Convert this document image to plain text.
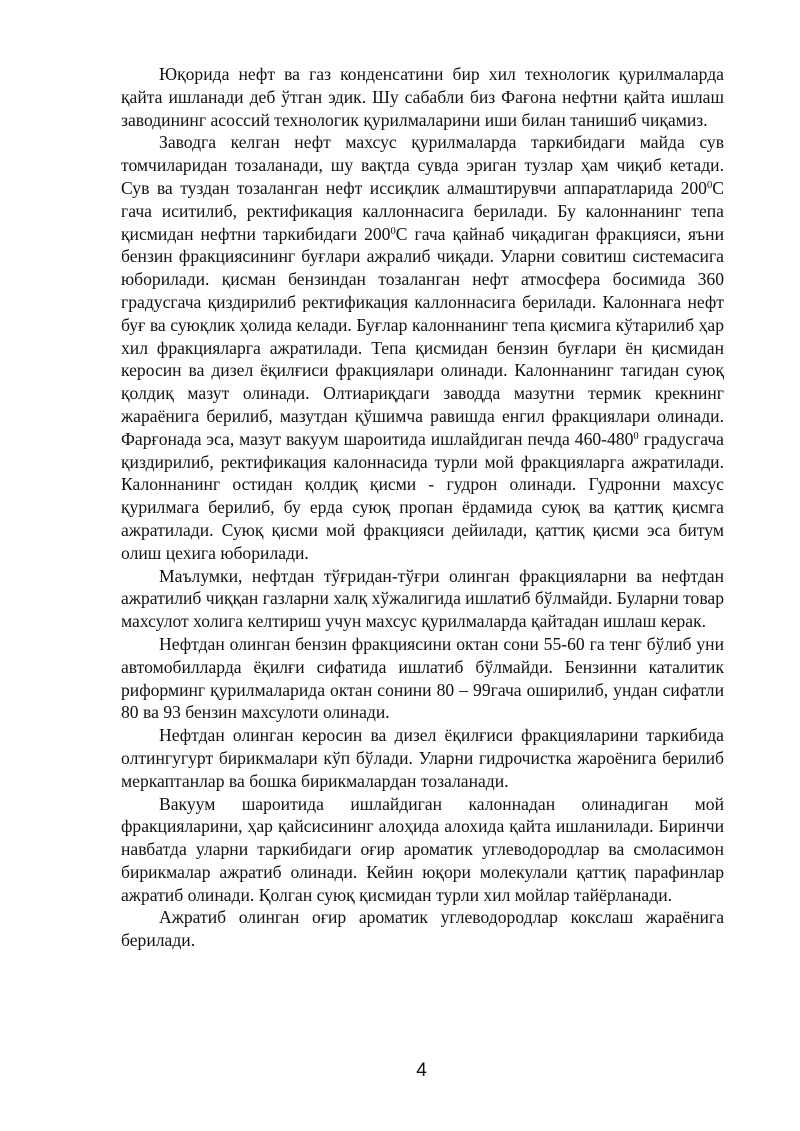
Юқорида нефт ва газ конденсатини бир хил технологик қурилмаларда қайта ишланади деб ўтган эдик. Шу сабабли биз Фағона нефтни қайта ишлаш заводининг асоссий технологик қурилмаларини иши билан танишиб чиқамиз.

Заводга келган нефт махсус қурилмаларда таркибидаги майда сув томчиларидан тозаланади, шу вақтда сувда эриган тузлар ҳам чиқиб кетади. Сув ва туздан тозаланган нефт иссиқлик алмаштирувчи аппаратларида $200^0С$ гача иситилиб, ректификация каллоннасига берилади. Бу калоннанинг тепа қисмидан нефтни таркибидаги $200^0С$ гача қайнаб чиқадиган фракцияси, яъни бензин фракциясининг буғлари ажралиб чиқади. Уларни совитиш системасига юборилади. қисман бензиндан тозаланган нефт атмосфера босимида 360 градусгача қиздирилиб ректификация каллоннасига берилади. Калоннага нефт буғ ва суюқлик ҳолида келади. Буғлар калоннанинг тепа қисмига кўтарилиб ҳар хил фракцияларга ажратилади. Тепа қисмидан бензин буғлари ён қисмидан керосин ва дизел ёқилғиси фракциялари олинади. Калоннанинг тагидан суюқ қолдиқ мазут олинади. Олтиариқдаги заводда мазутни термик крекнинг жараёнига берилиб, мазутдан қўшимча равишда енгил фракциялари олинади. Фарғонада эса, мазут вакуум шароитида ишлайдиган печда $460-480^0$ градусгача қиздирилиб, ректификация калоннасида турли мой фракцияларга ажратилади. Калоннанинг остидан қолдиқ қисми - гудрон олинади. Гудронни махсус қурилмага берилиб, бу ерда суюқ пропан ёрдамида суюқ ва қаттиқ қисмга ажратилади. Суюқ қисми мой фракцияси дейилади, қаттиқ қисми эса битум олиш цехига юборилади.

Маълумки, нефтдан тўғридан-тўғри олинган фракцияларни ва нефтдан ажратилиб чиққан газларни халқ хўжалигида ишлатиб бўлмайди. Буларни товар махсулот холига келтириш учун махсус қурилмаларда қайтадан ишлаш керак.

Нефтдан олинган бензин фракциясини октан сони 55-60 га тенг бўлиб уни автомобилларда ёқилғи сифатида ишлатиб бўлмайди. Бензинни каталитик риформинг қурилмаларида октан сонини 80 – 99гача оширилиб, ундан сифатли 80 ва 93 бензин махсулоти олинади.

Нефтдан олинган керосин ва дизел ёқилғиси фракцияларини таркибида олтингугурт бирикмалари кўп бўлади. Уларни гидрочистка жароёнига берилиб меркаптанлар ва бошка бирикмалардан тозаланади.

Вакуум шароитида ишлайдиган калоннадан олинадиган мой фракцияларини, ҳар қайсисининг алоҳида алохида қайта ишланилади. Биринчи навбатда уларни таркибидаги оғир ароматик углеводородлар ва смоласимон бирикмалар ажратиб олинади. Кейин юқори молекулали қаттиқ парафинлар ажратиб олинади. Қолган суюқ қисмидан турли хил мойлар тайёрланади.

Ажратиб олинган оғир ароматик углеводородлар кокслаш жараёнига берилади.

4
